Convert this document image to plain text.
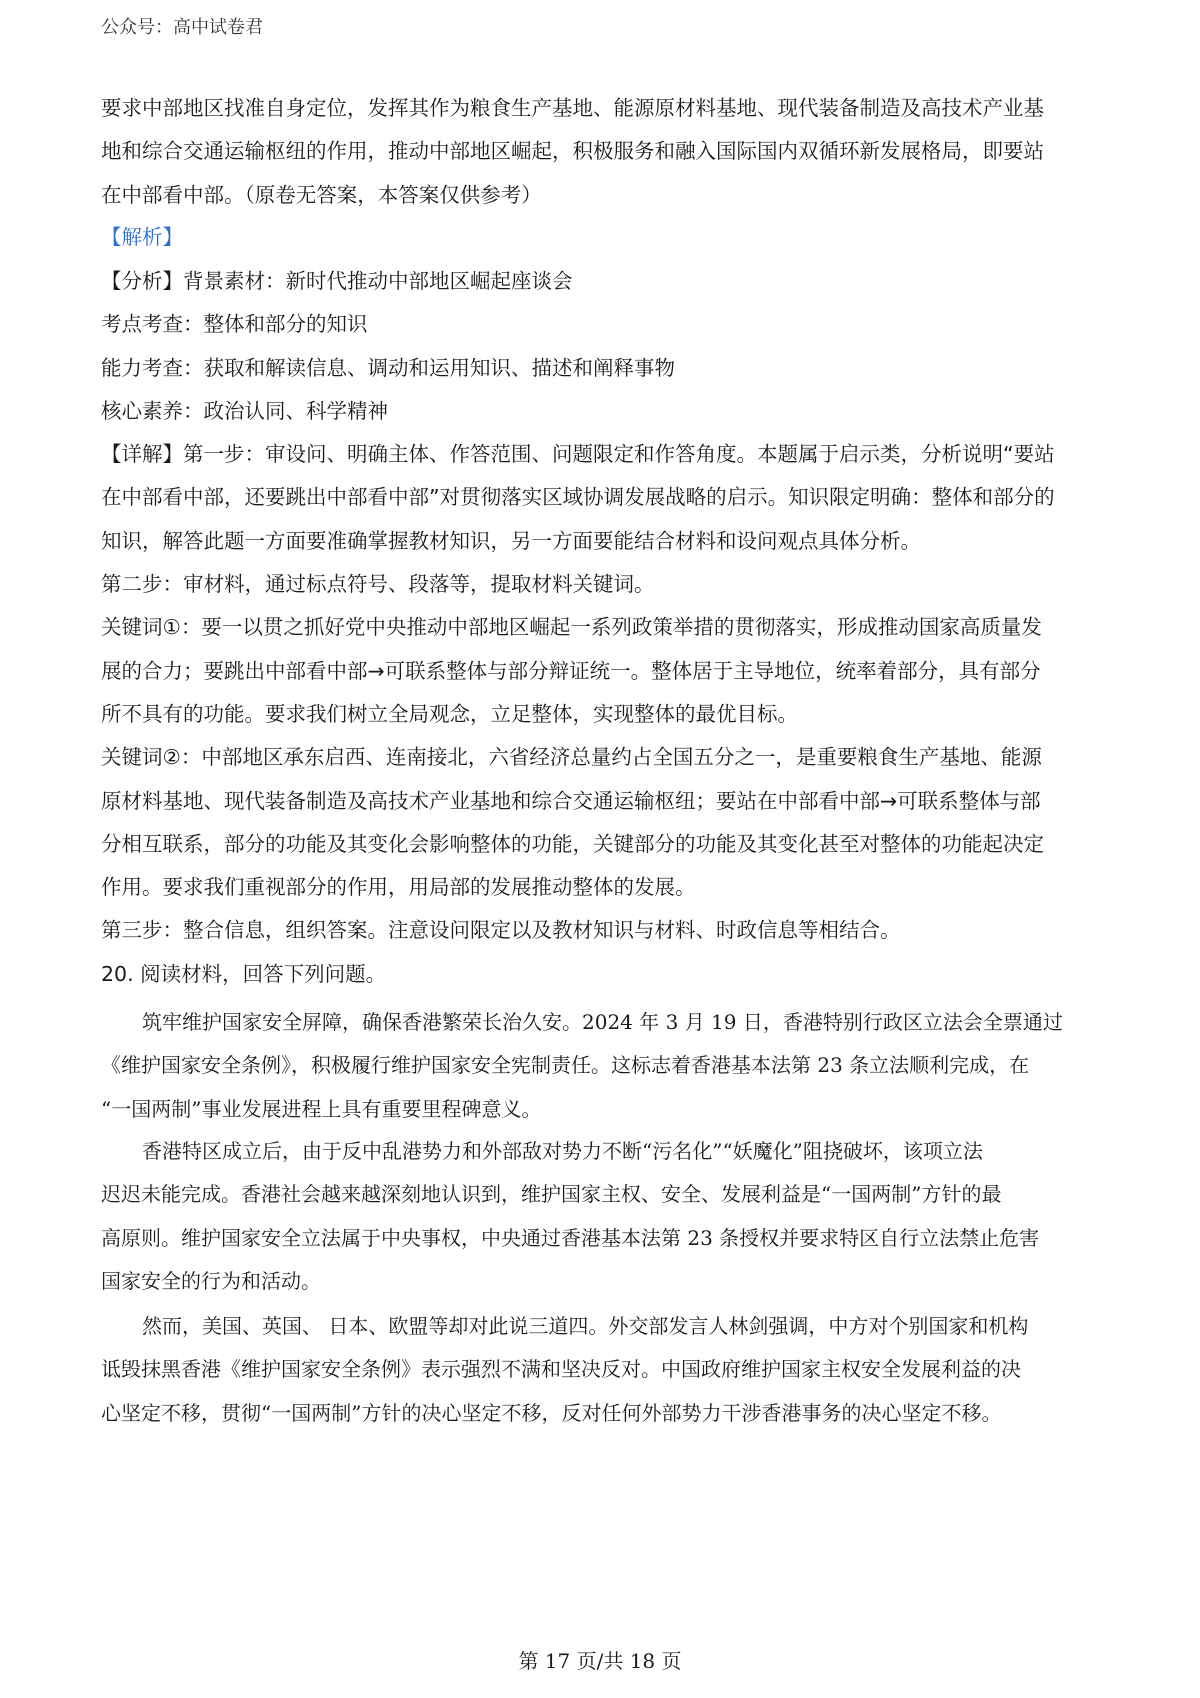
公众号：高中试卷君
要求中部地区找准自身定位，发挥其作为粮食生产基地、能源原材料基地、现代装备制造及高技术产业基
地和综合交通运输枢纽的作用，推动中部地区崛起，积极服务和融入国际国内双循环新发展格局，即要站
在中部看中部。（原卷无答案，本答案仅供参考）
【解析】
【分析】背景素材：新时代推动中部地区崛起座谈会
考点考查：整体和部分的知识
能力考查：获取和解读信息、调动和运用知识、描述和阐释事物
核心素养：政治认同、科学精神
【详解】第一步：审设问、明确主体、作答范围、问题限定和作答角度。本题属于启示类，分析说明“要站
在中部看中部，还要跳出中部看中部”对贯彻落实区域协调发展战略的启示。知识限定明确：整体和部分的
知识，解答此题一方面要准确掌握教材知识，另一方面要能结合材料和设问观点具体分析。
第二步：审材料，通过标点符号、段落等，提取材料关键词。
关键词①：要一以贯之抓好党中央推动中部地区崛起一系列政策举措的贯彻落实，形成推动国家高质量发
展的合力；要跳出中部看中部→可联系整体与部分辩证统一。整体居于主导地位，统率着部分，具有部分
所不具有的功能。要求我们树立全局观念，立足整体，实现整体的最优目标。
关键词②：中部地区承东启西、连南接北，六省经济总量约占全国五分之一，是重要粮食生产基地、能源
原材料基地、现代装备制造及高技术产业基地和综合交通运输枢纽；要站在中部看中部→可联系整体与部
分相互联系，部分的功能及其变化会影响整体的功能，关键部分的功能及其变化甚至对整体的功能起决定
作用。要求我们重视部分的作用，用局部的发展推动整体的发展。
第三步：整合信息，组织答案。注意设问限定以及教材知识与材料、时政信息等相结合。
20. 阅读材料，回答下列问题。
筑牢维护国家安全屏障，确保香港繁荣长治久安。2024 年 3 月 19 日，香港特别行政区立法会全票通过
《维护国家安全条例》，积极履行维护国家安全宪制责任。这标志着香港基本法第 23 条立法顺利完成，在
“一国两制”事业发展进程上具有重要里程碑意义。
香港特区成立后，由于反中乱港势力和外部敌对势力不断“污名化”“妖魔化”阻挠破坏，该项立法
迟迟未能完成。香港社会越来越深刻地认识到，维护国家主权、安全、发展利益是“一国两制”方针的最
高原则。维护国家安全立法属于中央事权，中央通过香港基本法第 23 条授权并要求特区自行立法禁止危害
国家安全的行为和活动。
然而，美国、英国、 日本、欧盟等却对此说三道四。外交部发言人林剑强调，中方对个别国家和机构
诋毁抹黑香港《维护国家安全条例》表示强烈不满和坚决反对。中国政府维护国家主权安全发展利益的决
心坚定不移，贯彻“一国两制”方针的决心坚定不移，反对任何外部势力干涉香港事务的决心坚定不移。
第 17 页/共 18 页
